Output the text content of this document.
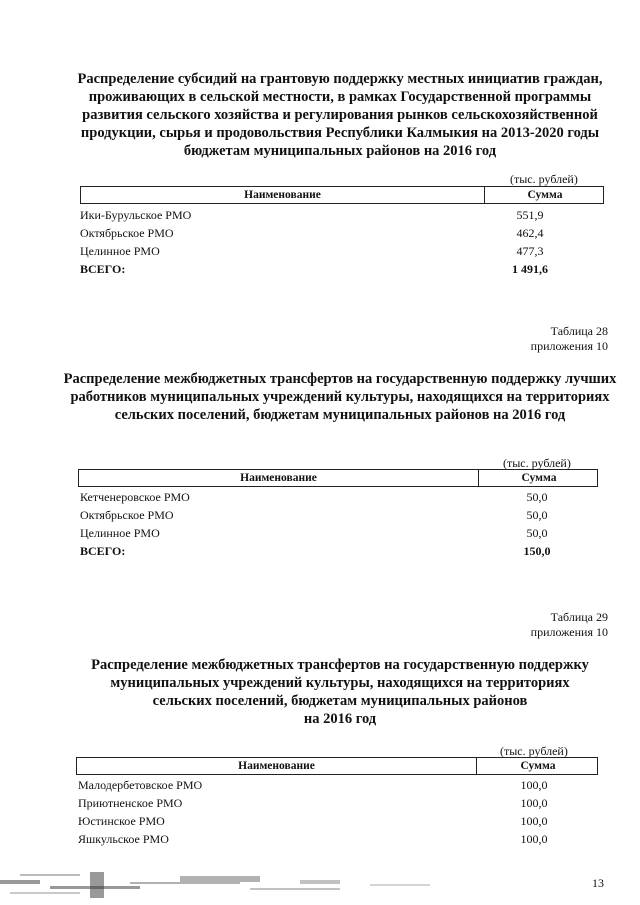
Распределение субсидий на грантовую поддержку местных инициатив граждан, проживающих в сельской местности, в рамках Государственной программы развития сельского хозяйства и регулирования рынков сельскохозяйственной продукции, сырья и продовольствия Республики Калмыкия на 2013-2020 годы бюджетам муниципальных районов на 2016 год
(тыс. рублей)
Наименование	Сумма
Ики-Бурульское РМО	551,9
Октябрьское РМО	462,4
Целинное РМО	477,3
ВСЕГО:	1 491,6
Таблица 28
приложения 10
Распределение межбюджетных трансфертов на государственную поддержку лучших работников муниципальных учреждений культуры, находящихся на территориях сельских поселений, бюджетам муниципальных районов на 2016 год
(тыс. рублей)
Наименование	Сумма
Кетченеровское РМО	50,0
Октябрьское РМО	50,0
Целинное РМО	50,0
ВСЕГО:	150,0
Таблица 29
приложения 10
Распределение межбюджетных трансфертов на государственную поддержку
муниципальных учреждений культуры, находящихся на территориях
сельских поселений, бюджетам муниципальных районов
на 2016 год
(тыс. рублей)
Наименование	Сумма
Малодербетовское РМО	100,0
Приютненское РМО	100,0
Юстинское РМО	100,0
Яшкульское РМО	100,0
13
